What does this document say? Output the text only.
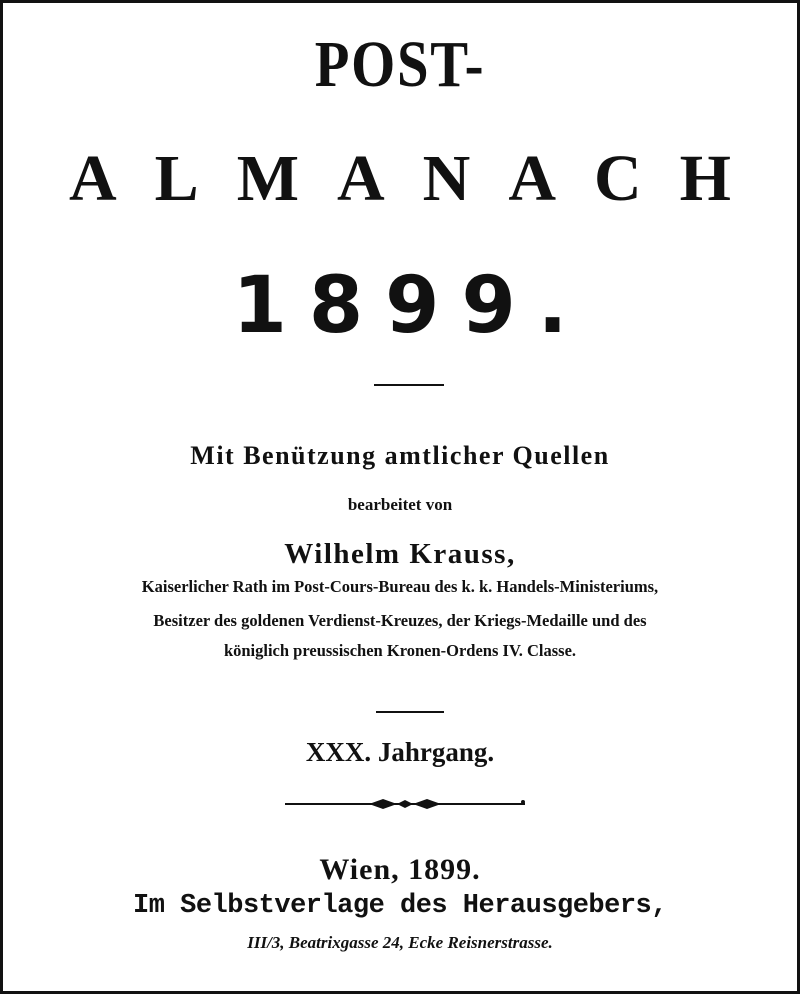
POST-
ALMANACH
1899.
Mit Benützung amtlicher Quellen
bearbeitet von
Wilhelm Krauss,
Kaiserlicher Rath im Post-Cours-Bureau des k. k. Handels-Ministeriums,
Besitzer des goldenen Verdienst-Kreuzes, der Kriegs-Medaille und des
königlich preussischen Kronen-Ordens IV. Classe.
XXX. Jahrgang.
Wien, 1899.
Im Selbstverlage des Herausgebers,
III/3, Beatrixgasse 24, Ecke Reisnerstrasse.
